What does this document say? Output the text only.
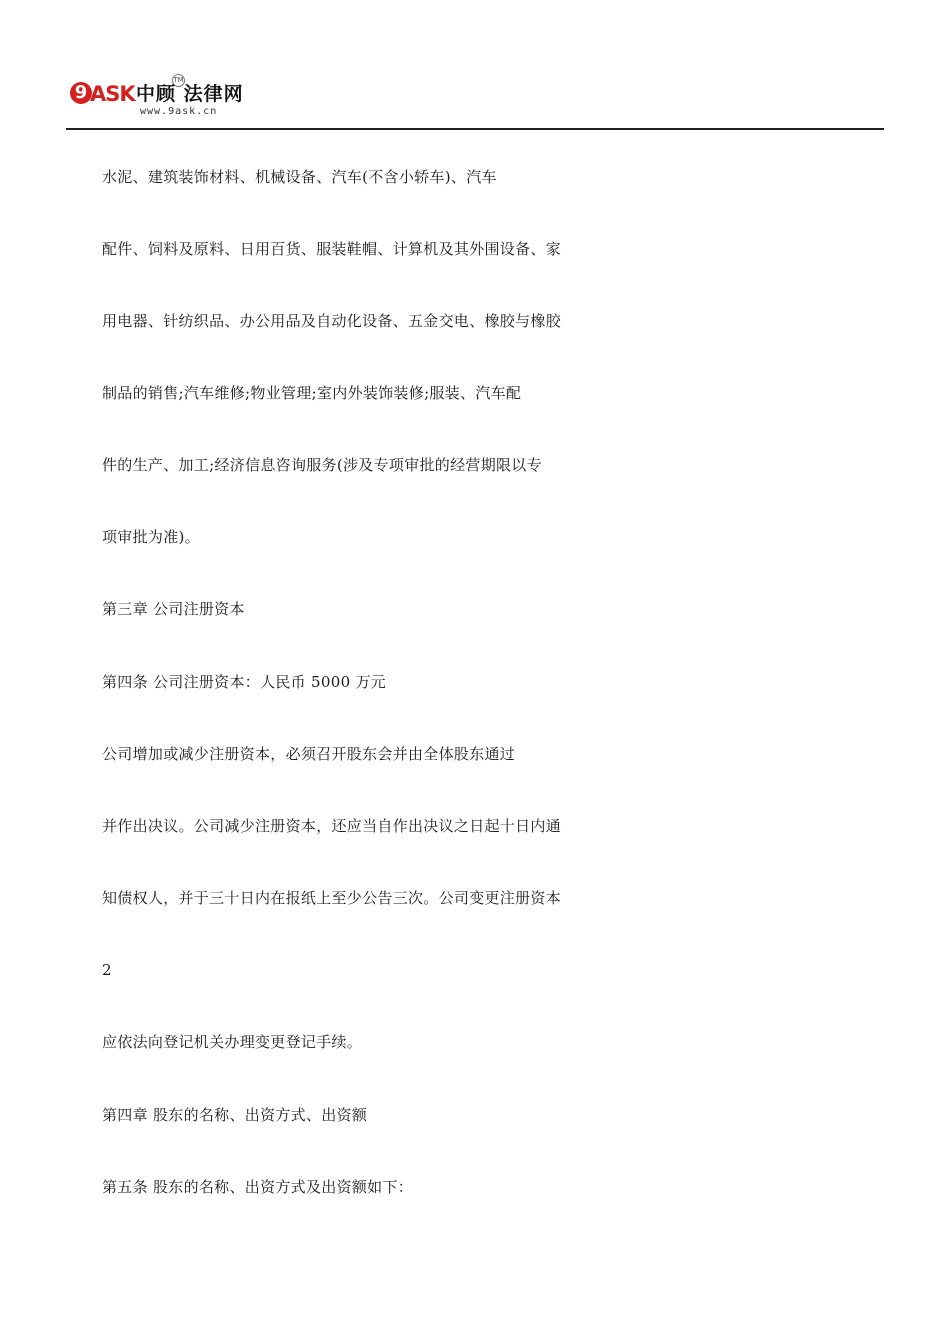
9 ASK 中顾 法律网
TM
www.9ask.cn
水泥、建筑装饰材料、机械设备、汽车(不含小轿车)、汽车
配件、饲料及原料、日用百货、服装鞋帽、计算机及其外围设备、家
用电器、针纺织品、办公用品及自动化设备、五金交电、橡胶与橡胶
制品的销售;汽车维修;物业管理;室内外装饰装修;服装、汽车配
件的生产、加工;经济信息咨询服务(涉及专项审批的经营期限以专
项审批为准)。
第三章 公司注册资本
第四条 公司注册资本：人民币 5000 万元
公司增加或减少注册资本，必须召开股东会并由全体股东通过
并作出决议。公司减少注册资本，还应当自作出决议之日起十日内通
知债权人，并于三十日内在报纸上至少公告三次。公司变更注册资本
2
应依法向登记机关办理变更登记手续。
第四章 股东的名称、出资方式、出资额
第五条 股东的名称、出资方式及出资额如下：
